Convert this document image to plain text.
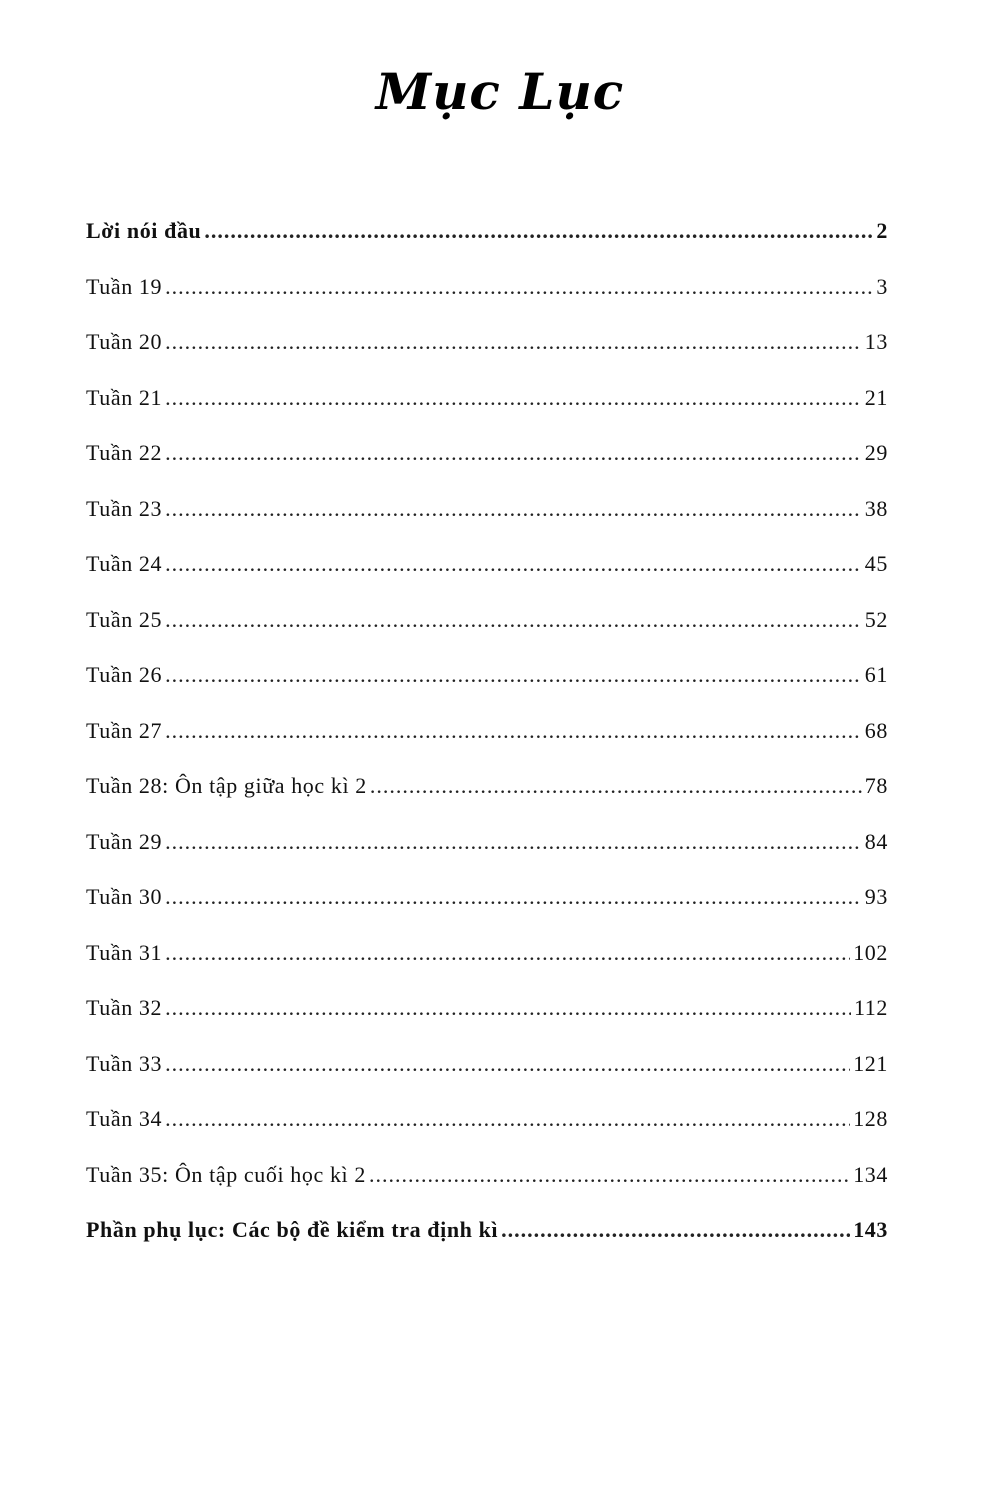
Mục Lục
Lời nói đầu .....	2
Tuần 19 .....	3
Tuần 20 .....	13
Tuần 21 .....	21
Tuần 22 .....	29
Tuần 23 .....	38
Tuần 24 .....	45
Tuần 25 .....	52
Tuần 26 .....	61
Tuần 27 .....	68
Tuần 28: Ôn tập giữa học kì 2 .....	78
Tuần 29 .....	84
Tuần 30 .....	93
Tuần 31 .....	102
Tuần 32 .....	112
Tuần 33 .....	121
Tuần 34 .....	128
Tuần 35: Ôn tập cuối học kì 2 .....	134
Phần phụ lục: Các bộ đề kiểm tra định kì .....	143
